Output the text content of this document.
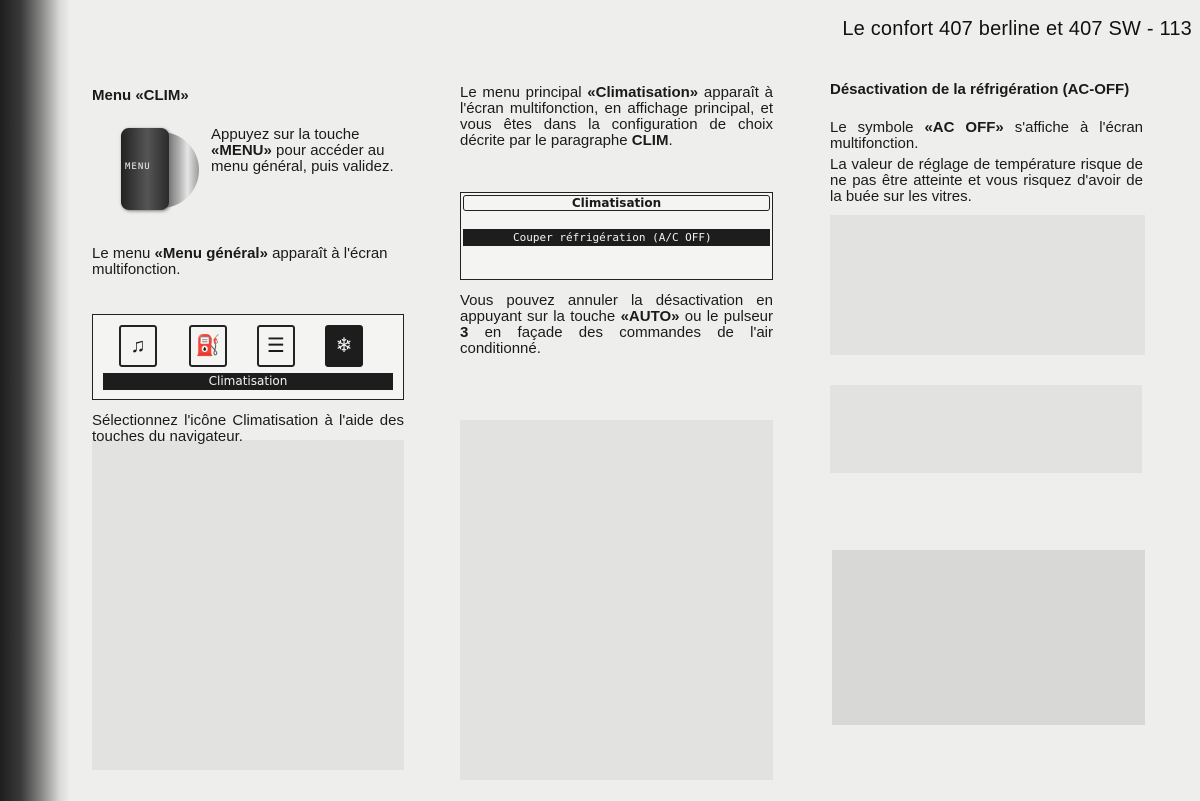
Le confort 407 berline et 407 SW - 113
Menu «CLIM»
MENU

Appuyez sur la touche «MENU» pour accéder au menu général, puis validez.

Le menu «Menu général» apparaît à l'écran multifonction.

♫	⛽	☰	❄
Climatisation

Sélectionnez l'icône Climatisation à l'aide des touches du navigateur.

Le menu principal «Climatisation» apparaît à l'écran multifonction, en affichage principal, et vous êtes dans la configuration de choix décrite par le paragraphe CLIM.

Climatisation
Couper réfrigération (A/C OFF)

Vous pouvez annuler la désactivation en appuyant sur la touche «AUTO» ou le pulseur 3 en façade des commandes de l'air conditionné.

Désactivation de la réfrigération (AC-OFF)

Le symbole «AC OFF» s'affiche à l'écran multifonction.

La valeur de réglage de température risque de ne pas être atteinte et vous risquez d'avoir de la buée sur les vitres.
